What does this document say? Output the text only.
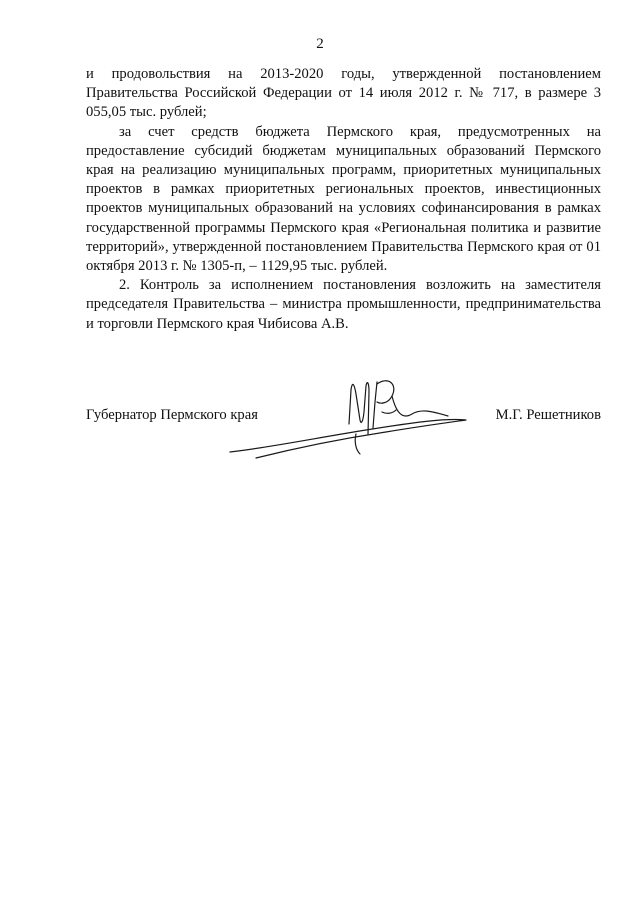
2

и продовольствия на 2013-2020 годы, утвержденной постановлением Правительства Российской Федерации от 14 июля 2012 г. № 717, в размере 3 055,05 тыс. рублей;

за счет средств бюджета Пермского края, предусмотренных на предоставление субсидий бюджетам муниципальных образований Пермского края на реализацию муниципальных программ, приоритетных муниципальных проектов в рамках приоритетных региональных проектов, инвестиционных проектов муниципальных образований на условиях софинансирования в рамках государственной программы Пермского края «Региональная политика и развитие территорий», утвержденной постановлением Правительства Пермского края от 01 октября 2013 г. № 1305-п, – 1129,95 тыс. рублей.

2. Контроль за исполнением постановления возложить на заместителя председателя Правительства – министра промышленности, предпринимательства и торговли Пермского края Чибисова А.В.

Губернатор Пермского края	М.Г. Решетников
